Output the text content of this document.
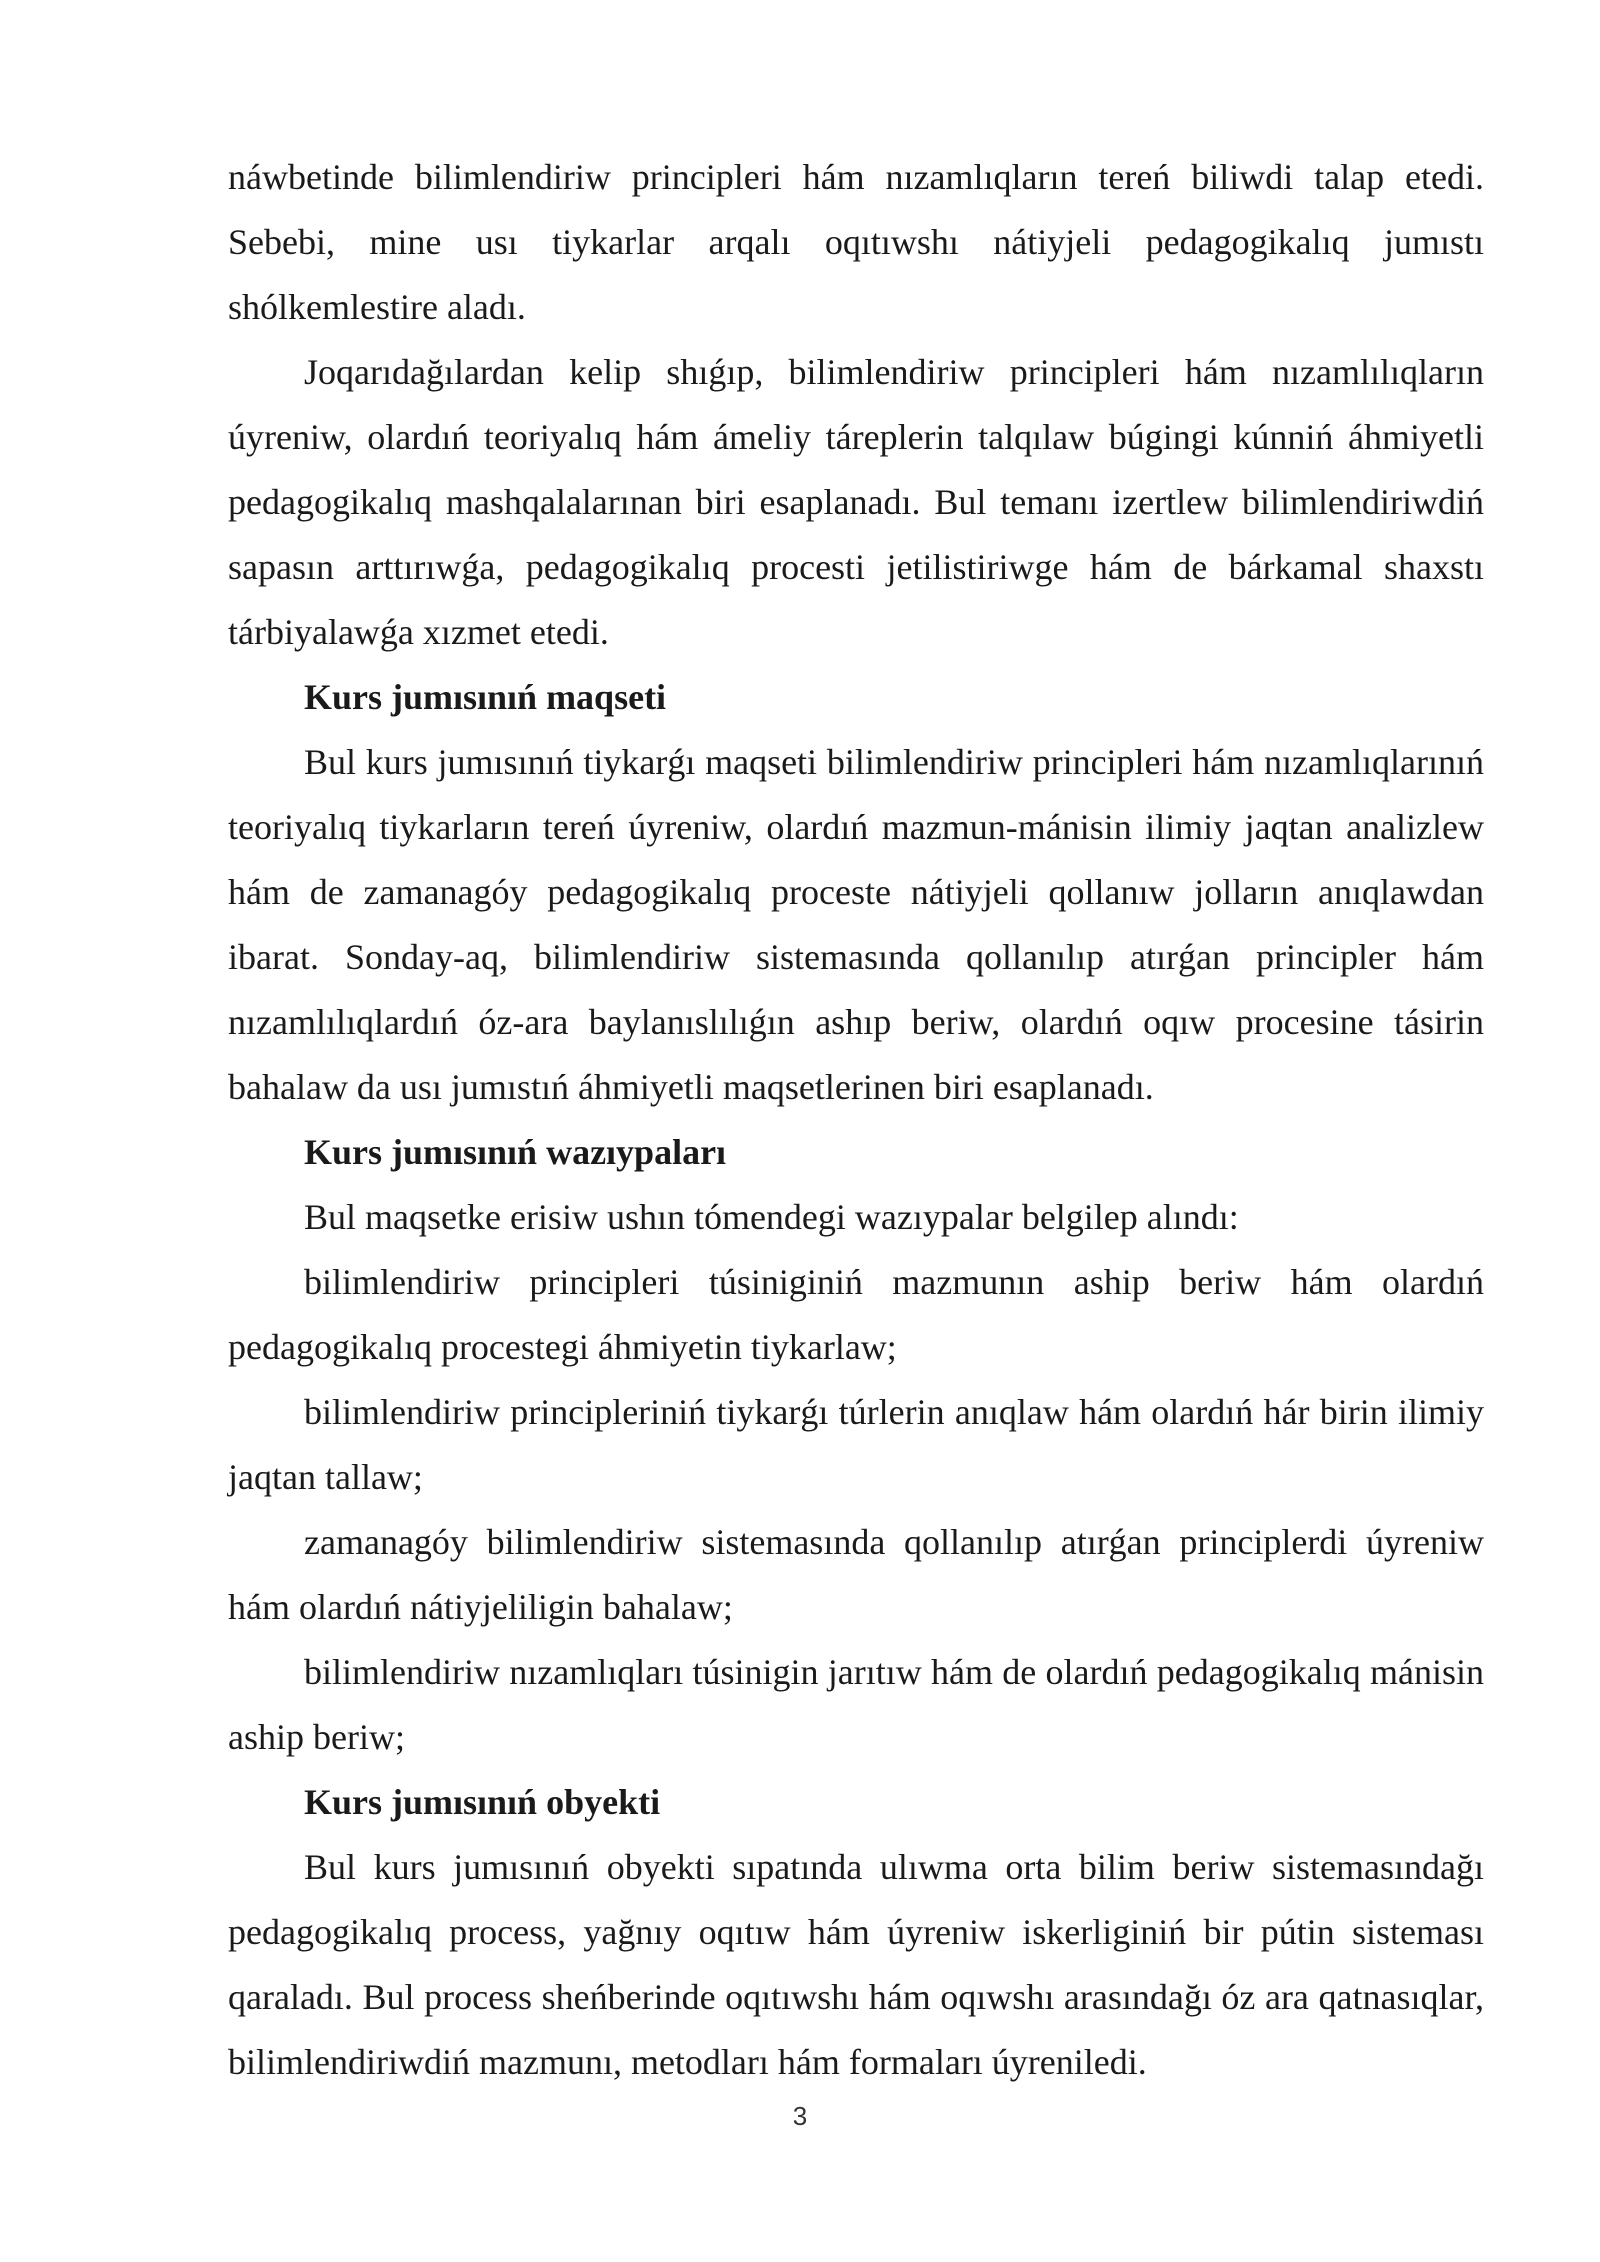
náwbetinde bilimlendiriw principleri hám nızamlıqların tereń biliwdi talap etedi. Sebebi, mine usı tiykarlar arqalı oqıtıwshı nátiyjeli pedagogikalıq jumıstı shólkemlestire aladı.

Joqarıdağılardan kelip shıǵıp, bilimlendiriw principleri hám nızamlılıqların úyreniw, olardıń teoriyalıq hám ámeliy táreplerin talqılaw búgingi kúnniń áhmiyetli pedagogikalıq mashqalalarınan biri esaplanadı. Bul temanı izertlew bilimlendiriwdiń sapasın arttırıwǵa, pedagogikalıq procesti jetilistiriwge hám de bárkamal shaxstı tárbiyalawǵa xızmet etedi.

Kurs jumısınıń maqseti

Bul kurs jumısınıń tiykarǵı maqseti bilimlendiriw principleri hám nızamlıqlarınıń teoriyalıq tiykarların tereń úyreniw, olardıń mazmun-mánisin ilimiy jaqtan analizlew hám de zamanagóy pedagogikalıq proceste nátiyjeli qollanıw jolların anıqlawdan ibarat. Sonday-aq, bilimlendiriw sistemasında qollanılıp atırǵan principler hám nızamlılıqlardıń óz-ara baylanıslılıǵın ashıp beriw, olardıń oqıw procesine tásirin bahalaw da usı jumıstıń áhmiyetli maqsetlerinen biri esaplanadı.

Kurs jumısınıń wazıypaları

Bul maqsetke erisiw ushın tómendegi wazıypalar belgilep alındı:

bilimlendiriw principleri túsiniginiń mazmunın aship beriw hám olardıń pedagogikalıq procestegi áhmiyetin tiykarlaw;

bilimlendiriw principleriniń tiykarǵı túrlerin anıqlaw hám olardıń hár birin ilimiy jaqtan tallaw;

zamanagóy bilimlendiriw sistemasında qollanılıp atırǵan principlerdi úyreniw hám olardıń nátiyjeliligin bahalaw;

bilimlendiriw nızamlıqları túsinigin jarıtıw hám de olardıń pedagogikalıq mánisin aship beriw;

Kurs jumısınıń obyekti

Bul kurs jumısınıń obyekti sıpatında ulıwma orta bilim beriw sistemasındağı pedagogikalıq process, yağnıy oqıtıw hám úyreniw iskerliginiń bir pútin sisteması qaraladı. Bul process sheńberinde oqıtıwshı hám oqıwshı arasındağı óz ara qatnasıqlar, bilimlendiriwdiń mazmunı, metodları hám formaları úyreniledi.

3
